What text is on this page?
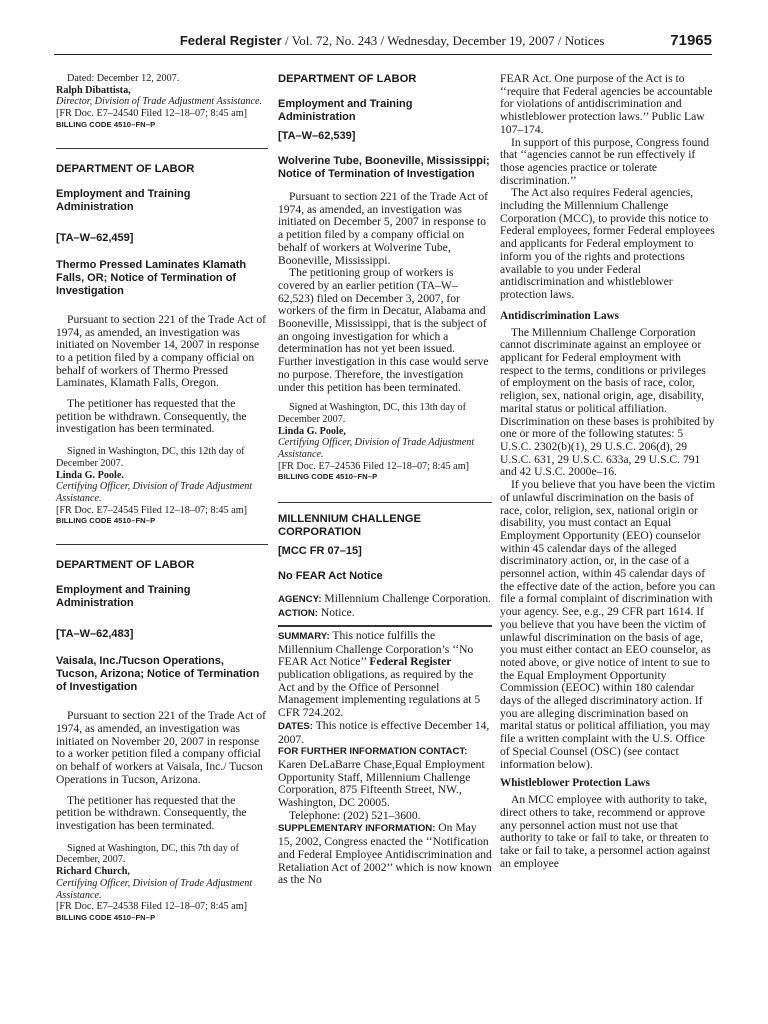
Federal Register / Vol. 72, No. 243 / Wednesday, December 19, 2007 / Notices	71965

Dated: December 12, 2007.

Ralph Dibattista,

Director, Division of Trade Adjustment Assistance.

[FR Doc. E7–24540 Filed 12–18–07; 8:45 am]

BILLING CODE 4510–FN–P

DEPARTMENT OF LABOR

Employment and Training Administration

[TA–W–62,459]

Thermo Pressed Laminates Klamath Falls, OR; Notice of Termination of Investigation

Pursuant to section 221 of the Trade Act of 1974, as amended, an investigation was initiated on November 14, 2007 in response to a petition filed by a company official on behalf of workers of Thermo Pressed Laminates, Klamath Falls, Oregon.

The petitioner has requested that the petition be withdrawn. Consequently, the investigation has been terminated.

Signed in Washington, DC, this 12th day of December 2007.

Linda G. Poole.

Certifying Officer, Division of Trade Adjustment Assistance.

[FR Doc. E7–24545 Filed 12–18–07; 8:45 am]

BILLING CODE 4510–FN–P

DEPARTMENT OF LABOR

Employment and Training Administration

[TA–W–62,483]

Vaisala, Inc./Tucson Operations, Tucson, Arizona; Notice of Termination of Investigation

Pursuant to section 221 of the Trade Act of 1974, as amended, an investigation was initiated on November 20, 2007 in response to a worker petition filed a company official on behalf of workers at Vaisala, Inc./ Tucson Operations in Tucson, Arizona.

The petitioner has requested that the petition be withdrawn. Consequently, the investigation has been terminated.

Signed at Washington, DC, this 7th day of December, 2007.

Richard Church,

Certifying Officer, Division of Trade Adjustment Assistance.

[FR Doc. E7–24538 Filed 12–18–07; 8:45 am]

BILLING CODE 4510–FN–P

DEPARTMENT OF LABOR

Employment and Training Administration

[TA–W–62,539]

Wolverine Tube, Booneville, Mississippi; Notice of Termination of Investigation

Pursuant to section 221 of the Trade Act of 1974, as amended, an investigation was initiated on December 5, 2007 in response to a petition filed by a company official on behalf of workers at Wolverine Tube, Booneville, Mississippi.

The petitioning group of workers is covered by an earlier petition (TA–W–62,523) filed on December 3, 2007, for workers of the firm in Decatur, Alabama and Booneville, Mississippi, that is the subject of an ongoing investigation for which a determination has not yet been issued. Further investigation in this case would serve no purpose. Therefore, the investigation under this petition has been terminated.

Signed at Washington, DC, this 13th day of December 2007.

Linda G. Poole,

Certifying Officer, Division of Trade Adjustment Assistance.

[FR Doc. E7–24536 Filed 12–18–07; 8:45 am]

BILLING CODE 4510–FN–P

MILLENNIUM CHALLENGE CORPORATION

[MCC FR 07–15]

No FEAR Act Notice

AGENCY: Millennium Challenge Corporation.

ACTION: Notice.

SUMMARY: This notice fulfills the Millennium Challenge Corporation’s ‘‘No FEAR Act Notice’’ Federal Register publication obligations, as required by the Act and by the Office of Personnel Management implementing regulations at 5 CFR 724.202.

DATES: This notice is effective December 14, 2007.

FOR FURTHER INFORMATION CONTACT:

Karen DeLaBarre Chase,Equal Employment Opportunity Staff, Millennium Challenge Corporation, 875 Fifteenth Street, NW., Washington, DC 20005.

Telephone: (202) 521–3600.

SUPPLEMENTARY INFORMATION: On May 15, 2002, Congress enacted the ‘‘Notification and Federal Employee Antidiscrimination and Retaliation Act of 2002’’ which is now known as the No

FEAR Act. One purpose of the Act is to ‘‘require that Federal agencies be accountable for violations of antidiscrimination and whistleblower protection laws.’’ Public Law 107–174.

In support of this purpose, Congress found that ‘‘agencies cannot be run effectively if those agencies practice or tolerate discrimination.’’

The Act also requires Federal agencies, including the Millennium Challenge Corporation (MCC), to provide this notice to Federal employees, former Federal employees and applicants for Federal employment to inform you of the rights and protections available to you under Federal antidiscrimination and whistleblower protection laws.

Antidiscrimination Laws

The Millennium Challenge Corporation cannot discriminate against an employee or applicant for Federal employment with respect to the terms, conditions or privileges of employment on the basis of race, color, religion, sex, national origin, age, disability, marital status or political affiliation. Discrimination on these bases is prohibited by one or more of the following statutes: 5 U.S.C. 2302(b)(1), 29 U.S.C. 206(d), 29 U.S.C. 631, 29 U.S.C. 633a, 29 U.S.C. 791 and 42 U.S.C. 2000e–16.

If you believe that you have been the victim of unlawful discrimination on the basis of race, color, religion, sex, national origin or disability, you must contact an Equal Employment Opportunity (EEO) counselor within 45 calendar days of the alleged discriminatory action, or, in the case of a personnel action, within 45 calendar days of the effective date of the action, before you can file a formal complaint of discrimination with your agency. See, e.g., 29 CFR part 1614. If you believe that you have been the victim of unlawful discrimination on the basis of age, you must either contact an EEO counselor, as noted above, or give notice of intent to sue to the Equal Employment Opportunity Commission (EEOC) within 180 calendar days of the alleged discriminatory action. If you are alleging discrimination based on marital status or political affiliation, you may file a written complaint with the U.S. Office of Special Counsel (OSC) (see contact information below).

Whistleblower Protection Laws

An MCC employee with authority to take, direct others to take, recommend or approve any personnel action must not use that authority to take or fail to take, or threaten to take or fail to take, a personnel action against an employee
